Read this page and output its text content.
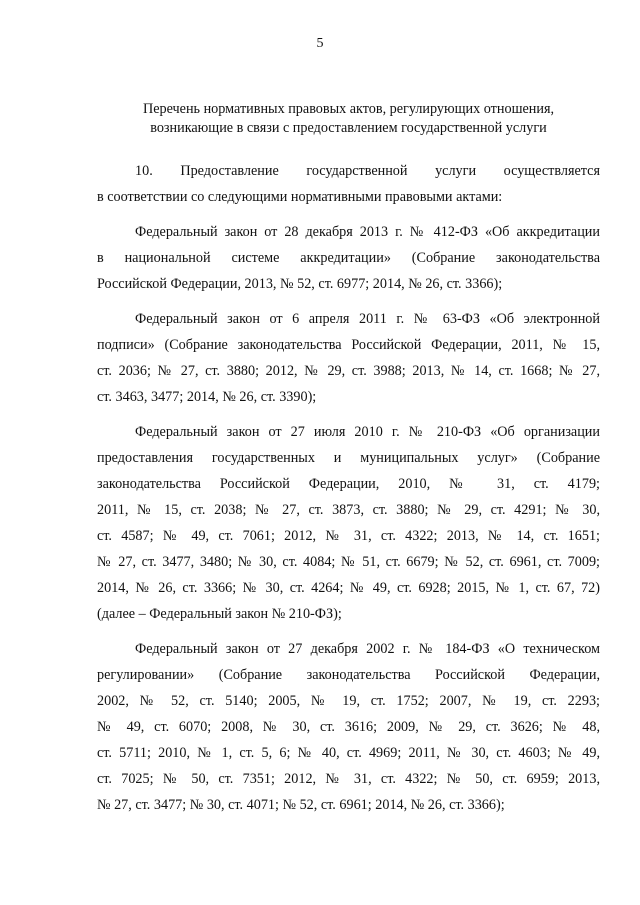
5
Перечень нормативных правовых актов, регулирующих отношения,
возникающие в связи с предоставлением государственной услуги
10. Предоставление государственной услуги осуществляется
в соответствии со следующими нормативными правовыми актами:
Федеральный закон от 28 декабря 2013 г. № 412-ФЗ «Об аккредитации
в национальной системе аккредитации» (Собрание законодательства
Российской Федерации, 2013, № 52, ст. 6977; 2014, № 26, ст. 3366);
Федеральный закон от 6 апреля 2011 г. № 63-ФЗ «Об электронной
подписи» (Собрание законодательства Российской Федерации, 2011, № 15,
ст. 2036; № 27, ст. 3880; 2012, № 29, ст. 3988; 2013, № 14, ст. 1668; № 27,
ст. 3463, 3477; 2014, № 26, ст. 3390);
Федеральный закон от 27 июля 2010 г. № 210-ФЗ «Об организации
предоставления государственных и муниципальных услуг» (Собрание
законодательства Российской Федерации, 2010, № 31, ст. 4179;
2011, № 15, ст. 2038; № 27, ст. 3873, ст. 3880; № 29, ст. 4291; № 30,
ст. 4587; № 49, ст. 7061; 2012, № 31, ст. 4322; 2013, № 14, ст. 1651;
№ 27, ст. 3477, 3480; № 30, ст. 4084; № 51, ст. 6679; № 52, ст. 6961, ст. 7009;
2014, № 26, ст. 3366; № 30, ст. 4264; № 49, ст. 6928; 2015, № 1, ст. 67, 72)
(далее – Федеральный закон № 210-ФЗ);
Федеральный закон от 27 декабря 2002 г. № 184-ФЗ «О техническом
регулировании» (Собрание законодательства Российской Федерации,
2002, № 52, ст. 5140; 2005, № 19, ст. 1752; 2007, № 19, ст. 2293;
№ 49, ст. 6070; 2008, № 30, ст. 3616; 2009, № 29, ст. 3626; № 48,
ст. 5711; 2010, № 1, ст. 5, 6; № 40, ст. 4969; 2011, № 30, ст. 4603; № 49,
ст. 7025; № 50, ст. 7351; 2012, № 31, ст. 4322; № 50, ст. 6959; 2013,
№ 27, ст. 3477; № 30, ст. 4071; № 52, ст. 6961; 2014, № 26, ст. 3366);
